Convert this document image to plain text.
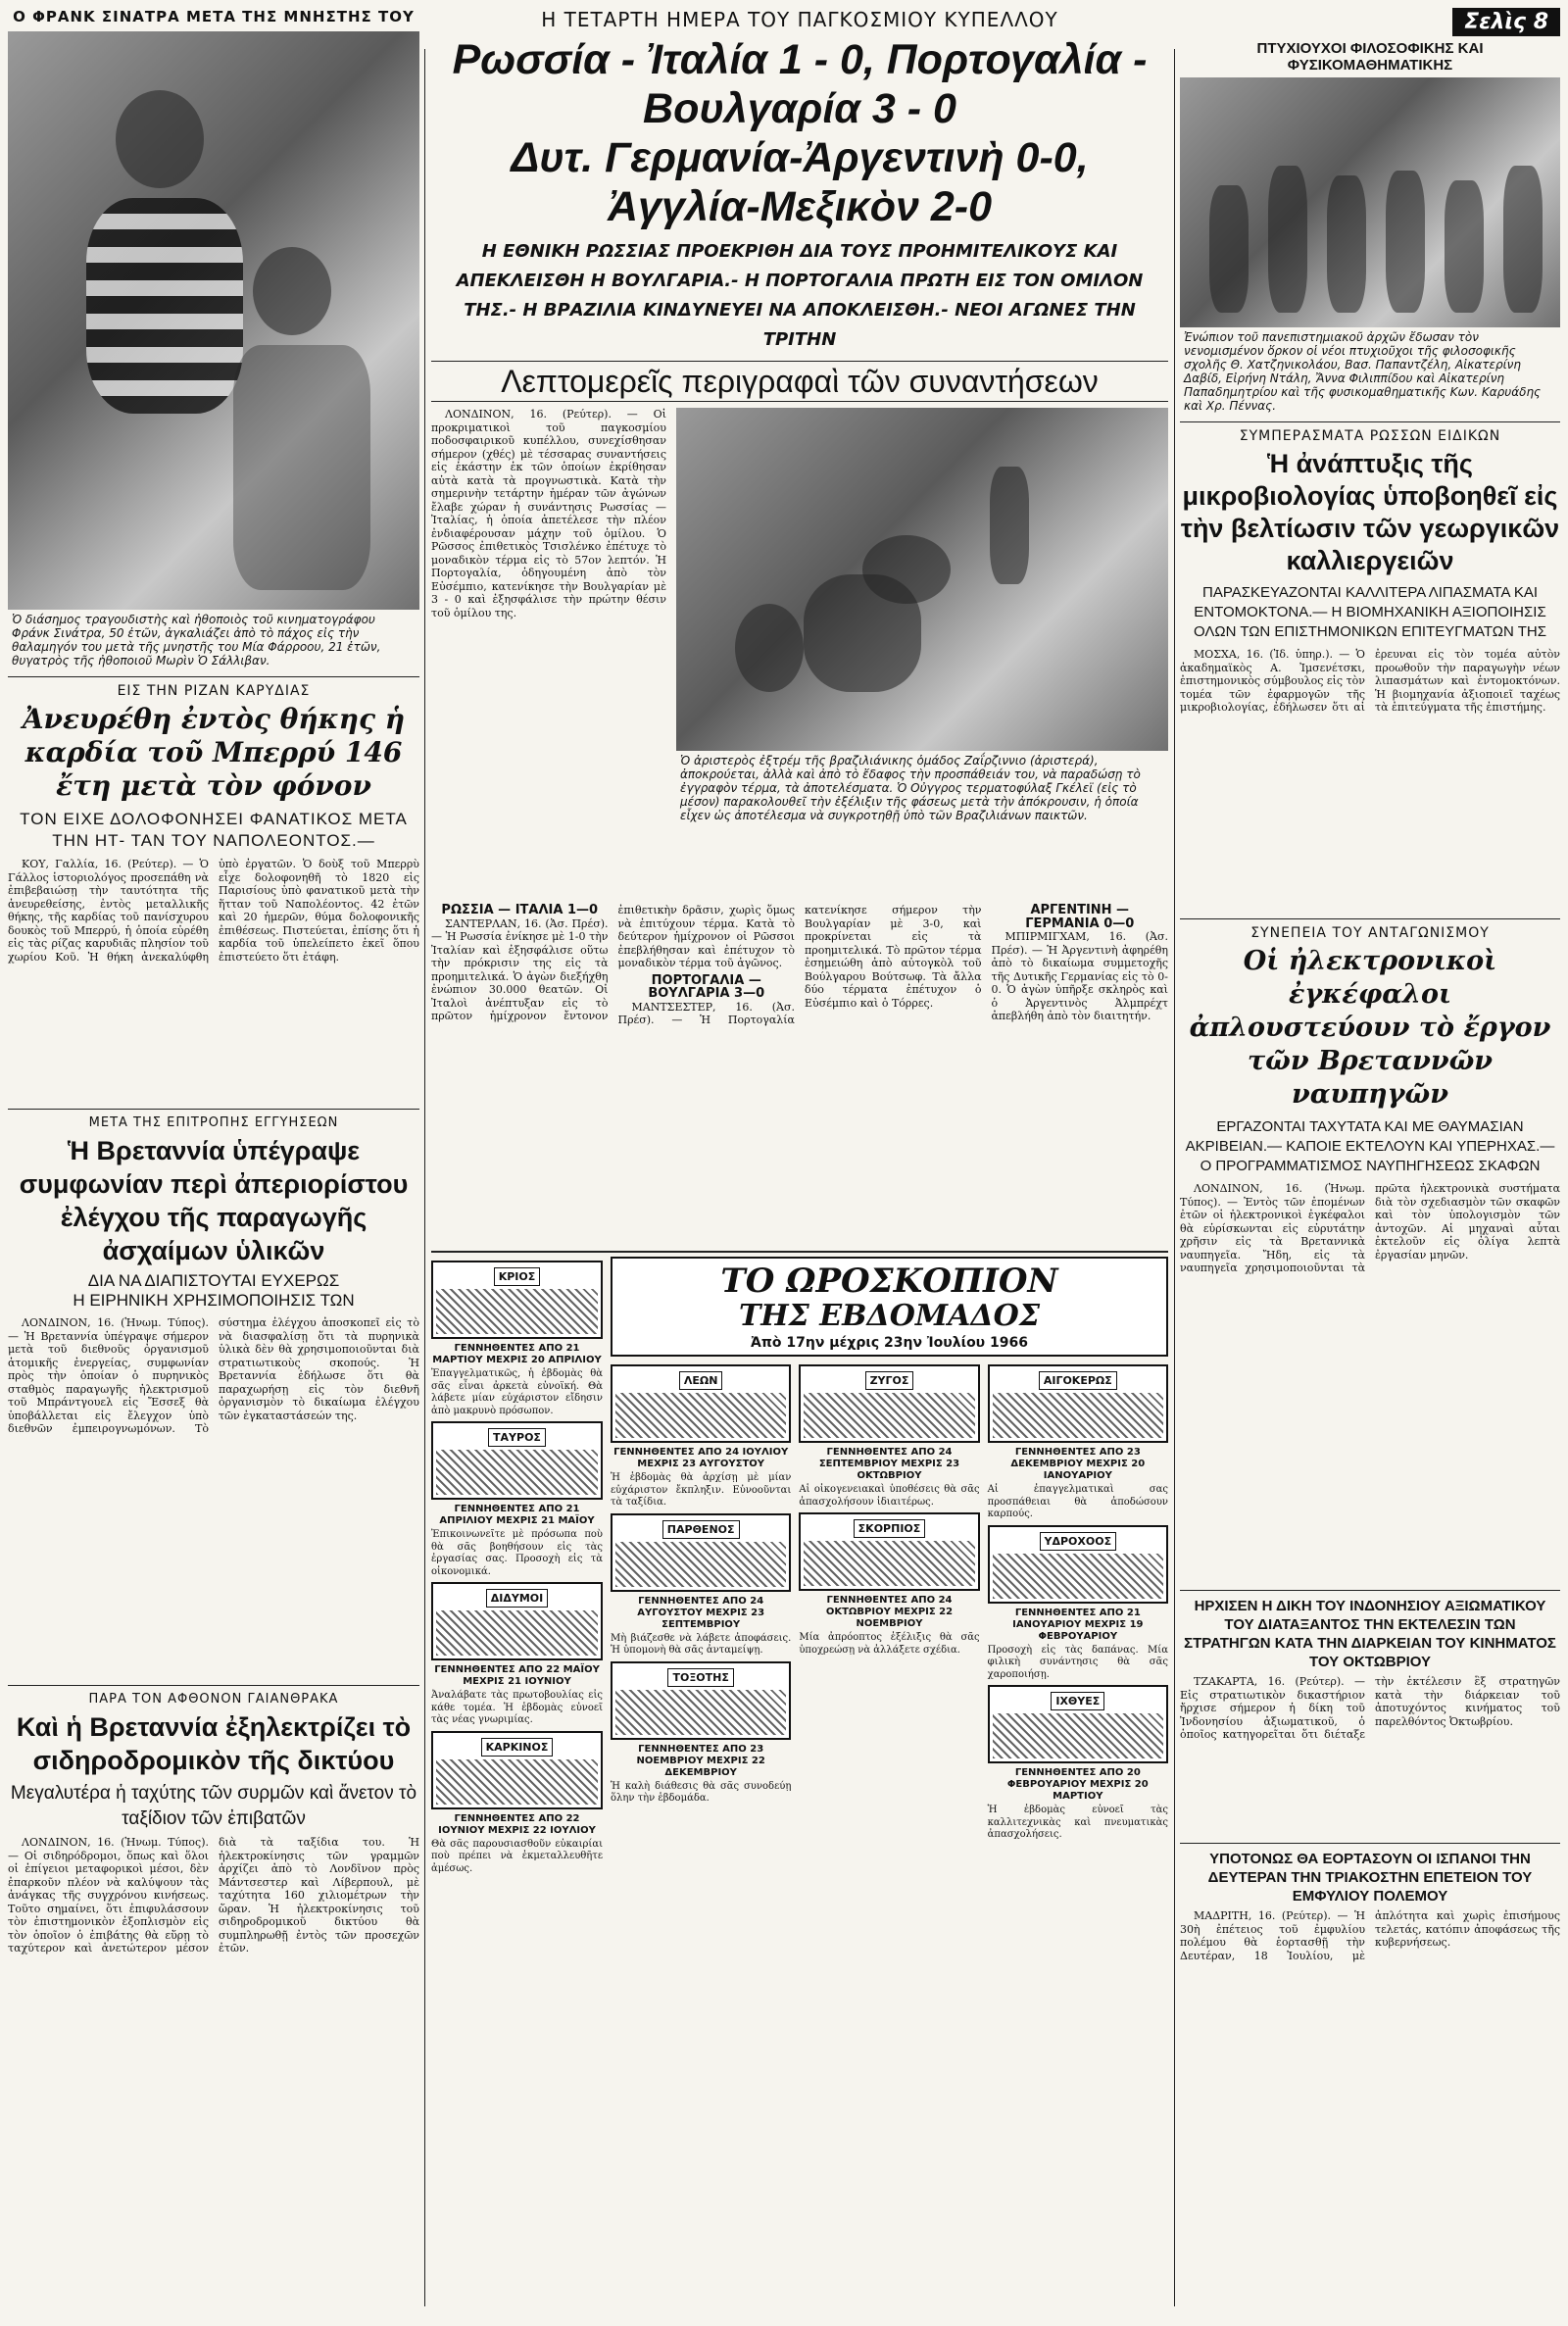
Ο ΦΡΑΝΚ ΣΙΝΑΤΡΑ ΜΕΤΑ ΤΗΣ ΜΝΗΣΤΗΣ ΤΟΥ
Ὁ διάσημος τραγουδιστὴς καὶ ἠθοποιὸς τοῦ κινηματογράφου Φράνκ Σινάτρα, 50 ἐτῶν, ἀγκαλιάζει ἀπὸ τὸ πάχος εἰς τὴν θαλαμηγόν του μετὰ τῆς μνηστῆς του Μία Φάρροου, 21 ἐτῶν, θυγατρὸς τῆς ἠθοποιοῦ Μωρὶν Ὁ Σάλλιβαν.
ΕΙΣ ΤΗΝ ΡΙΖΑΝ ΚΑΡΥΔΙΑΣ
Ἀνευρέθη ἐντὸς θήκης ἡ καρδία τοῦ Μπερρύ 146 ἔτη μετὰ τὸν φόνον
ΤΟΝ ΕΙΧΕ ΔΟΛΟΦΟΝΗΣΕΙ ΦΑΝΑΤΙΚΟΣ ΜΕΤΑ ΤΗΝ ΗΤ- ΤΑΝ ΤΟΥ ΝΑΠΟΛΕΟΝΤΟΣ.—

ΚΟΥ, Γαλλία, 16. (Ρεύτερ). — Ὁ Γάλλος ἱστοριολόγος προσεπάθη νὰ ἐπιβεβαιώσῃ τὴν ταυτότητα τῆς ἀνευρεθείσης, ἐντὸς μεταλλικῆς θήκης, τῆς καρδίας τοῦ πανίσχυρου δουκὸς τοῦ Μπερρύ, ἡ ὁποία εὑρέθη εἰς τὰς ρίζας καρυδιᾶς πλησίον τοῦ χωρίου Κοῦ. Ἡ θήκη ἀνεκαλύφθη ὑπὸ ἐργατῶν. Ὁ δοὺξ τοῦ Μπερρὺ εἶχε δολοφονηθῆ τὸ 1820 εἰς Παρισίους ὑπὸ φανατικοῦ μετὰ τὴν ἥτταν τοῦ Ναπολέοντος. 42 ἐτῶν καὶ 20 ἡμερῶν, θύμα δολοφονικῆς ἐπιθέσεως. Πιστεύεται, ἐπίσης ὅτι ἡ καρδία τοῦ ὑπελείπετο ἐκεῖ ὅπου ἐπιστεύετο ὅτι ἐτάφη.

ΜΕΤΑ ΤΗΣ ΕΠΙΤΡΟΠΗΣ ΕΓΓΥΗΣΕΩΝ
Ἡ Βρεταννία ὑπέγραψε συμφωνίαν περὶ ἀπεριορίστου ἐλέγχου τῆς παραγωγῆς ἀσχαίμων ὑλικῶν
ΔΙΑ ΝΑ ΔΙΑΠΙΣΤΟΥΤΑΙ ΕΥΧΕΡΩΣ
Η ΕΙΡΗΝΙΚΗ ΧΡΗΣΙΜΟΠΟΙΗΣΙΣ ΤΩΝ

ΛΟΝΔΙΝΟΝ, 16. (Ἡνωμ. Τύπος). — Ἡ Βρεταννία ὑπέγραψε σήμερον μετὰ τοῦ διεθνοῦς ὀργανισμοῦ ἀτομικῆς ἐνεργείας, συμφωνίαν πρὸς τὴν ὁποίαν ὁ πυρηνικὸς σταθμὸς παραγωγῆς ἠλεκτρισμοῦ τοῦ Μπράντγουελ εἰς Ἔσσεξ θὰ ὑποβάλλεται εἰς ἔλεγχον ὑπὸ διεθνῶν ἐμπειρογνωμόνων. Τὸ σύστημα ἐλέγχου ἀποσκοπεῖ εἰς τὸ νὰ διασφαλίσῃ ὅτι τὰ πυρηνικὰ ὑλικὰ δὲν θὰ χρησιμοποιοῦνται διὰ στρατιωτικοὺς σκοπούς. Ἡ Βρεταννία ἐδήλωσε ὅτι θὰ παραχωρήσῃ εἰς τὸν διεθνῆ ὀργανισμὸν τὸ δικαίωμα ἐλέγχου τῶν ἐγκαταστάσεών της.

ΠΑΡΑ ΤΟΝ ΑΦΘΟΝΟΝ ΓΑΙΑΝΘΡΑΚΑ
Καὶ ἡ Βρεταννία ἐξηλεκτρίζει τὸ σιδηροδρομικὸν τῆς δικτύου
Μεγαλυτέρα ἡ ταχύτης τῶν συρμῶν καὶ ἄνετον τὸ ταξίδιον τῶν ἐπιβατῶν

ΛΟΝΔΙΝΟΝ, 16. (Ἡνωμ. Τύπος). — Οἱ σιδηρόδρομοι, ὅπως καὶ ὅλοι οἱ ἐπίγειοι μεταφορικοὶ μέσοι, δὲν ἐπαρκοῦν πλέον νὰ καλύψουν τὰς ἀνάγκας τῆς συγχρόνου κινήσεως. Τοῦτο σημαίνει, ὅτι ἐπιφυλάσσουν τὸν ἐπιστημονικὸν ἐξοπλισμὸν εἰς τὸν ὁποῖον ὁ ἐπιβάτης θὰ εὕρῃ τὸ ταχύτερον καὶ ἀνετώτερον μέσον διὰ τὰ ταξίδια του. Ἡ ἠλεκτροκίνησις τῶν γραμμῶν ἀρχίζει ἀπὸ τὸ Λονδῖνον πρὸς Μάντσεστερ καὶ Λίβερπουλ, μὲ ταχύτητα 160 χιλιομέτρων τὴν ὥραν. Ἡ ἠλεκτροκίνησις τοῦ σιδηροδρομικοῦ δικτύου θὰ συμπληρωθῇ ἐντὸς τῶν προσεχῶν ἐτῶν.

Η ΤΕΤΑΡΤΗ ΗΜΕΡΑ ΤΟΥ ΠΑΓΚΟΣΜΙΟΥ ΚΥΠΕΛΛΟΥ
Ρωσσία - Ἰταλία 1 - 0, Πορτογαλία - Βουλγαρία 3 - 0
Δυτ. Γερμανία-Ἀργεντινὴ 0-0, Ἀγγλία-Μεξικὸν 2-0
Η ΕΘΝΙΚΗ ΡΩΣΣΙΑΣ ΠΡΟΕΚΡΙΘΗ ΔΙΑ ΤΟΥΣ ΠΡΟΗΜΙΤΕΛΙΚΟΥΣ ΚΑΙ ΑΠΕΚΛΕΙΣΘΗ Η ΒΟΥΛΓΑΡΙΑ.- Η ΠΟΡΤΟΓΑΛΙΑ ΠΡΩΤΗ ΕΙΣ ΤΟΝ ΟΜΙΛΟΝ ΤΗΣ.- Η ΒΡΑΖΙΛΙΑ ΚΙΝΔΥΝΕΥΕΙ ΝΑ ΑΠΟΚΛΕΙΣΘΗ.- ΝΕΟΙ ΑΓΩΝΕΣ ΤΗΝ ΤΡΙΤΗΝ
Λεπτομερεῖς περιγραφαὶ τῶν συναντήσεων

ΛΟΝΔΙΝΟΝ, 16. (Ρεύτερ). — Οἱ προκριματικοὶ τοῦ παγκοσμίου ποδοσφαιρικοῦ κυπέλλου, συνεχίσθησαν σήμερον (χθές) μὲ τέσσαρας συναντήσεις εἰς ἑκάστην ἐκ τῶν ὁποίων ἐκρίθησαν αὐτὰ κατὰ τὰ προγνωστικὰ. Κατὰ τὴν σημερινὴν τετάρτην ἡμέραν τῶν ἀγώνων ἔλαβε χώραν ἡ συνάντησις Ρωσσίας — Ἰταλίας, ἡ ὁποία ἀπετέλεσε τὴν πλέον ἐνδιαφέρουσαν μάχην τοῦ ὁμίλου. Ὁ Ρῶσσος ἐπιθετικὸς Τσισλένκο ἐπέτυχε τὸ μοναδικὸν τέρμα εἰς τὸ 57ον λεπτόν. Ἡ Πορτογαλία, ὁδηγουμένη ἀπὸ τὸν Εὐσέμπιο, κατενίκησε τὴν Βουλγαρίαν μὲ 3 - 0 καὶ ἐξησφάλισε τὴν πρώτην θέσιν τοῦ ὁμίλου της.

Ὁ ἀριστερὸς ἐξτρέμ τῆς βραζιλιάνικης ὁμάδος Ζαΐρζιννιο (ἀριστερά), ἀποκρούεται, ἀλλὰ καὶ ἀπὸ τὸ ἔδαφος τὴν προσπάθειάν του, νὰ παραδώσῃ τὸ ἐγγραφὸν τέρμα, τὰ ἀποτελέσματα. Ὁ Οὐγγρος τερματοφύλαξ Γκέλεϊ (εἰς τὸ μέσον) παρακολουθεῖ τὴν ἐξέλιξιν τῆς φάσεως μετὰ τὴν ἀπόκρουσιν, ἡ ὁποία εἶχεν ὡς ἀποτέλεσμα νὰ συγκροτηθῇ ὑπὸ τῶν Βραζιλιάνων παικτῶν.
ΡΩΣΣΙΑ — ΙΤΑΛΙΑ 1—0

ΣΑΝΤΕΡΛΑΝ, 16. (Ἀσ. Πρέσ). — Ἡ Ρωσσία ἐνίκησε μὲ 1-0 τὴν Ἰταλίαν καὶ ἐξησφάλισε οὕτω τὴν πρόκρισιν της εἰς τὰ προημιτελικά. Ὁ ἀγὼν διεξήχθη ἐνώπιον 30.000 θεατῶν. Οἱ Ἰταλοὶ ἀνέπτυξαν εἰς τὸ πρῶτον ἡμίχρονον ἔντονον ἐπιθετικὴν δρᾶσιν, χωρὶς ὅμως νὰ ἐπιτύχουν τέρμα. Κατὰ τὸ δεύτερον ἡμίχρονον οἱ Ρῶσσοι ἐπεβλήθησαν καὶ ἐπέτυχον τὸ μοναδικὸν τέρμα τοῦ ἀγῶνος.

ΠΟΡΤΟΓΑΛΙΑ — ΒΟΥΛΓΑΡΙΑ 3—0

ΜΑΝΤΣΕΣΤΕΡ, 16. (Ἀσ. Πρέσ). — Ἡ Πορτογαλία κατενίκησε σήμερον τὴν Βουλγαρίαν μὲ 3-0, καὶ προκρίνεται εἰς τὰ προημιτελικά. Τὸ πρῶτον τέρμα ἐσημειώθη ἀπὸ αὐτογκὸλ τοῦ Βούλγαρου Βούτσωφ. Τὰ ἄλλα δύο τέρματα ἐπέτυχον ὁ Εὐσέμπιο καὶ ὁ Τόρρες.

ΑΡΓΕΝΤΙΝΗ — ΓΕΡΜΑΝΙΑ 0—0

ΜΠΙΡΜΙΓΧΑΜ, 16. (Ἀσ. Πρέσ). — Ἡ Ἀργεντινὴ ἀφηρέθη ἀπὸ τὸ δικαίωμα συμμετοχῆς τῆς Δυτικῆς Γερμανίας εἰς τὸ 0-0. Ὁ ἀγὼν ὑπῆρξε σκληρὸς καὶ ὁ Ἀργεντινὸς Ἀλμπρέχτ ἀπεβλήθη ἀπὸ τὸν διαιτητήν.

ΚΡΙΟΣ
ΓΕΝΝΗΘΕΝΤΕΣ ΑΠΟ 21 ΜΑΡΤΙΟΥ ΜΕΧΡΙΣ 20 ΑΠΡΙΛΙΟΥ
Ἐπαγγελματικῶς, ἡ ἑβδομὰς θὰ σᾶς εἶναι ἀρκετὰ εὐνοϊκή. Θὰ λάβετε μίαν εὐχάριστον εἴδησιν ἀπὸ μακρυνὸ πρόσωπον.
ΤΑΥΡΟΣ
ΓΕΝΝΗΘΕΝΤΕΣ ΑΠΟ 21 ΑΠΡΙΛΙΟΥ ΜΕΧΡΙΣ 21 ΜΑΪΟΥ
Ἐπικοινωνεῖτε μὲ πρόσωπα ποὺ θὰ σᾶς βοηθήσουν εἰς τὰς ἐργασίας σας. Προσοχὴ εἰς τὰ οἰκονομικά.
ΔΙΔΥΜΟΙ
ΓΕΝΝΗΘΕΝΤΕΣ ΑΠΟ 22 ΜΑΪΟΥ ΜΕΧΡΙΣ 21 ΙΟΥΝΙΟΥ
Ἀναλάβατε τὰς πρωτοβουλίας εἰς κάθε τομέα. Ἡ ἑβδομὰς εὐνοεῖ τὰς νέας γνωριμίας.
ΚΑΡΚΙΝΟΣ
ΓΕΝΝΗΘΕΝΤΕΣ ΑΠΟ 22 ΙΟΥΝΙΟΥ ΜΕΧΡΙΣ 22 ΙΟΥΛΙΟΥ
Θὰ σᾶς παρουσιασθοῦν εὐκαιρίαι ποὺ πρέπει νὰ ἐκμεταλλευθῆτε ἀμέσως.
ΤΟ ΩΡΟΣΚΟΠΙΟΝ
ΤΗΣ ΕΒΔΟΜΑΔΟΣ
Ἀπὸ 17ην μέχρις 23ην Ἰουλίου 1966
ΛΕΩΝ
ΓΕΝΝΗΘΕΝΤΕΣ ΑΠΟ 24 ΙΟΥΛΙΟΥ ΜΕΧΡΙΣ 23 ΑΥΓΟΥΣΤΟΥ
Ἡ ἑβδομὰς θὰ ἀρχίσῃ μὲ μίαν εὐχάριστον ἔκπληξιν. Εὐνοοῦνται τὰ ταξίδια.
ΠΑΡΘΕΝΟΣ
ΓΕΝΝΗΘΕΝΤΕΣ ΑΠΟ 24 ΑΥΓΟΥΣΤΟΥ ΜΕΧΡΙΣ 23 ΣΕΠΤΕΜΒΡΙΟΥ
Μὴ βιάζεσθε νὰ λάβετε ἀποφάσεις. Ἡ ὑπομονὴ θὰ σᾶς ἀνταμείψῃ.
ΤΟΞΟΤΗΣ
ΓΕΝΝΗΘΕΝΤΕΣ ΑΠΟ 23 ΝΟΕΜΒΡΙΟΥ ΜΕΧΡΙΣ 22 ΔΕΚΕΜΒΡΙΟΥ
Ἡ καλὴ διάθεσις θὰ σᾶς συνοδεύῃ ὅλην τὴν ἑβδομάδα.
ΖΥΓΟΣ
ΓΕΝΝΗΘΕΝΤΕΣ ΑΠΟ 24 ΣΕΠΤΕΜΒΡΙΟΥ ΜΕΧΡΙΣ 23 ΟΚΤΩΒΡΙΟΥ
Αἱ οἰκογενειακαὶ ὑποθέσεις θὰ σᾶς ἀπασχολήσουν ἰδιαιτέρως.
ΣΚΟΡΠΙΟΣ
ΓΕΝΝΗΘΕΝΤΕΣ ΑΠΟ 24 ΟΚΤΩΒΡΙΟΥ ΜΕΧΡΙΣ 22 ΝΟΕΜΒΡΙΟΥ
Μία ἀπρόοπτος ἐξέλιξις θὰ σᾶς ὑποχρεώσῃ νὰ ἀλλάξετε σχέδια.
ΑΙΓΟΚΕΡΩΣ
ΓΕΝΝΗΘΕΝΤΕΣ ΑΠΟ 23 ΔΕΚΕΜΒΡΙΟΥ ΜΕΧΡΙΣ 20 ΙΑΝΟΥΑΡΙΟΥ
Αἱ ἐπαγγελματικαὶ σας προσπάθειαι θὰ ἀποδώσουν καρπούς.
ΥΔΡΟΧΟΟΣ
ΓΕΝΝΗΘΕΝΤΕΣ ΑΠΟ 21 ΙΑΝΟΥΑΡΙΟΥ ΜΕΧΡΙΣ 19 ΦΕΒΡΟΥΑΡΙΟΥ
Προσοχὴ εἰς τὰς δαπάνας. Μία φιλικὴ συνάντησις θὰ σᾶς χαροποιήσῃ.
ΙΧΘΥΕΣ
ΓΕΝΝΗΘΕΝΤΕΣ ΑΠΟ 20 ΦΕΒΡΟΥΑΡΙΟΥ ΜΕΧΡΙΣ 20 ΜΑΡΤΙΟΥ
Ἡ ἑβδομὰς εὐνοεῖ τὰς καλλιτεχνικὰς καὶ πνευματικὰς ἀπασχολήσεις.
Σελὶς 8
ΠΤΥΧΙΟΥΧΟΙ ΦΙΛΟΣΟΦΙΚΗΣ ΚΑΙ ΦΥΣΙΚΟΜΑΘΗΜΑΤΙΚΗΣ
Ἐνώπιον τοῦ πανεπιστημιακοῦ ἀρχῶν ἔδωσαν τὸν νενομισμένον ὅρκον οἱ νέοι πτυχιοῦχοι τῆς φιλοσοφικῆς σχολῆς Θ. Χατζηνικολάου, Βασ. Παπαντζέλη, Αἰκατερίνη Δαβίδ, Εἰρήνη Ντάλη, Ἄννα Φιλιππίδου καὶ Αἰκατερίνη Παπαδημητρίου καὶ τῆς φυσικομαθηματικῆς Κων. Καρυάδης καὶ Χρ. Πέννας.
ΣΥΜΠΕΡΑΣΜΑΤΑ ΡΩΣΣΩΝ ΕΙΔΙΚΩΝ
Ἡ ἀνάπτυξις τῆς μικροβιολογίας ὑποβοηθεῖ εἰς τὴν βελτίωσιν τῶν γεωργικῶν καλλιεργειῶν
ΠΑΡΑΣΚΕΥΑΖΟΝΤΑΙ ΚΑΛΛΙΤΕΡΑ ΛΙΠΑΣΜΑΤΑ ΚΑΙ ΕΝΤΟΜΟΚΤΟΝΑ.— Η ΒΙΟΜΗΧΑΝΙΚΗ ΑΞΙΟΠΟΙΗΣΙΣ ΟΛΩΝ ΤΩΝ ΕΠΙΣΤΗΜΟΝΙΚΩΝ ΕΠΙΤΕΥΓΜΑΤΩΝ ΤΗΣ

ΜΟΣΧΑ, 16. (Ἰδ. ὑπηρ.). — Ὁ ἀκαδημαϊκὸς Α. Ἰμσενέτσκι, ἐπιστημονικὸς σύμβουλος εἰς τὸν τομέα τῶν ἐφαρμογῶν τῆς μικροβιολογίας, ἐδήλωσεν ὅτι αἱ ἐρευναι εἰς τὸν τομέα αὐτὸν προωθοῦν τὴν παραγωγὴν νέων λιπασμάτων καὶ ἐντομοκτόνων. Ἡ βιομηχανία ἀξιοποιεῖ ταχέως τὰ ἐπιτεύγματα τῆς ἐπιστήμης.

ΣΥΝΕΠΕΙΑ ΤΟΥ ΑΝΤΑΓΩΝΙΣΜΟΥ
Οἱ ἠλεκτρονικοὶ ἐγκέφαλοι ἀπλουστεύουν τὸ ἔργον τῶν Βρεταννῶν ναυπηγῶν
ΕΡΓΑΖΟΝΤΑΙ ΤΑΧΥΤΑΤΑ ΚΑΙ ΜΕ ΘΑΥΜΑΣΙΑΝ ΑΚΡΙΒΕΙΑΝ.— ΚΑΠΟΙΕ ΕΚΤΕΛΟΥΝ ΚΑΙ ΥΠΕΡΗΧΑΣ.— Ο ΠΡΟΓΡΑΜΜΑΤΙΣΜΟΣ ΝΑΥΠΗΓΗΣΕΩΣ ΣΚΑΦΩΝ

ΛΟΝΔΙΝΟΝ, 16. (Ἡνωμ. Τύπος). — Ἐντὸς τῶν ἐπομένων ἐτῶν οἱ ἠλεκτρονικοὶ ἐγκέφαλοι θὰ εὑρίσκωνται εἰς εὐρυτάτην χρῆσιν εἰς τὰ Βρεταννικὰ ναυπηγεῖα. Ἤδη, εἰς τὰ ναυπηγεῖα χρησιμοποιοῦνται τὰ πρῶτα ἠλεκτρονικὰ συστήματα διὰ τὸν σχεδιασμὸν τῶν σκαφῶν καὶ τὸν ὑπολογισμὸν τῶν ἀντοχῶν. Αἱ μηχαναὶ αὗται ἐκτελοῦν εἰς ὀλίγα λεπτὰ ἐργασίαν μηνῶν.

ΗΡΧΙΣΕΝ Η ΔΙΚΗ ΤΟΥ ΙΝΔΟΝΗΣΙΟΥ ΑΞΙΩΜΑΤΙΚΟΥ ΤΟΥ ΔΙΑΤΑΞΑΝΤΟΣ ΤΗΝ ΕΚΤΕΛΕΣΙΝ ΤΩΝ ΣΤΡΑΤΗΓΩΝ ΚΑΤΑ ΤΗΝ ΔΙΑΡΚΕΙΑΝ ΤΟΥ ΚΙΝΗΜΑΤΟΣ ΤΟΥ ΟΚΤΩΒΡΙΟΥ

ΤΖΑΚΑΡΤΑ, 16. (Ρεύτερ). — Εἰς στρατιωτικὸν δικαστήριον ἤρχισε σήμερον ἡ δίκη τοῦ Ἰνδονησίου ἀξιωματικοῦ, ὁ ὁποῖος κατηγορεῖται ὅτι διέταξε τὴν ἐκτέλεσιν ἓξ στρατηγῶν κατὰ τὴν διάρκειαν τοῦ ἀποτυχόντος κινήματος τοῦ παρελθόντος Ὀκτωβρίου.

ΥΠΟΤΟΝΩΣ ΘΑ ΕΟΡΤΑΣΟΥΝ ΟΙ ΙΣΠΑΝΟΙ ΤΗΝ ΔΕΥΤΕΡΑΝ ΤΗΝ ΤΡΙΑΚΟΣΤΗΝ ΕΠΕΤΕΙΟΝ ΤΟΥ ΕΜΦΥΛΙΟΥ ΠΟΛΕΜΟΥ

ΜΑΔΡΙΤΗ, 16. (Ρεύτερ). — Ἡ 30ὴ ἐπέτειος τοῦ ἐμφυλίου πολέμου θὰ ἑορτασθῇ τὴν Δευτέραν, 18 Ἰουλίου, μὲ ἀπλότητα καὶ χωρὶς ἐπισήμους τελετάς, κατόπιν ἀποφάσεως τῆς κυβερνήσεως.
